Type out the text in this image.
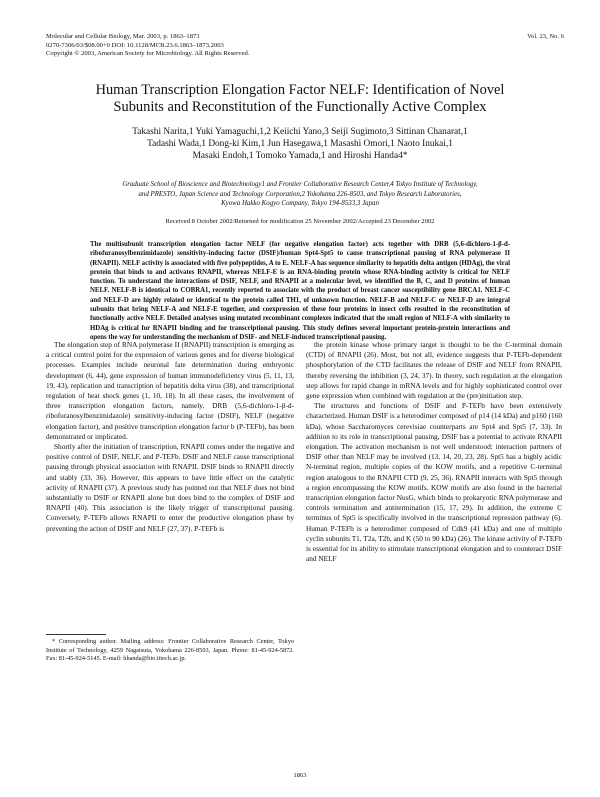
Molecular and Cellular Biology, Mar. 2003, p. 1863–1873
0270-7306/03/$08.00+0 DOI: 10.1128/MCB.23.6.1863–1873.2003
Copyright © 2003, American Society for Microbiology. All Rights Reserved.
Vol. 23, No. 6
Human Transcription Elongation Factor NELF: Identification of Novel
Subunits and Reconstitution of the Functionally Active Complex
Takashi Narita,1 Yuki Yamaguchi,1,2 Keiichi Yano,3 Seiji Sugimoto,3 Sittinan Chanarat,1
Tadashi Wada,1 Dong-ki Kim,1 Jun Hasegawa,1 Masashi Omori,1 Naoto Inukai,1
Masaki Endoh,1 Tomoko Yamada,1 and Hiroshi Handa4*
Graduate School of Bioscience and Biotechnology1 and Frontier Collaborative Research Center,4 Tokyo Institute of Technology,
and PRESTO, Japan Science and Technology Corporation,2 Yokohama 226-8503, and Tokyo Research Laboratories,
Kyowa Hakko Kogyo Company, Tokyo 194-8533,3 Japan
Received 8 October 2002/Returned for modification 25 November 2002/Accepted 23 December 2002
The multisubunit transcription elongation factor NELF (for negative elongation factor) acts together with DRB (5,6-dichloro-1-β-d-ribofuranosylbenzimidazole) sensitivity-inducing factor (DSIF)/human Spt4-Spt5 to cause transcriptional pausing of RNA polymerase II (RNAPII). NELF activity is associated with five polypeptides, A to E. NELF-A has sequence similarity to hepatitis delta antigen (HDAg), the viral protein that binds to and activates RNAPII, whereas NELF-E is an RNA-binding protein whose RNA-binding activity is critical for NELF function. To understand the interactions of DSIF, NELF, and RNAPII at a molecular level, we identified the B, C, and D proteins of human NELF. NELF-B is identical to COBRA1, recently reported to associate with the product of breast cancer susceptibility gene BRCA1. NELF-C and NELF-D are highly related or identical to the protein called TH1, of unknown function. NELF-B and NELF-C or NELF-D are integral subunits that bring NELF-A and NELF-E together, and coexpression of these four proteins in insect cells resulted in the reconstitution of functionally active NELF. Detailed analyses using mutated recombinant complexes indicated that the small region of NELF-A with similarity to HDAg is critical for RNAPII binding and for transcriptional pausing. This study defines several important protein-protein interactions and opens the way for understanding the mechanism of DSIF- and NELF-induced transcriptional pausing.

The elongation step of RNA polymerase II (RNAPII) transcription is emerging as a critical control point for the expression of various genes and for diverse biological processes. Examples include neuronal fate determination during embryonic development (6, 44), gene expression of human immunodeficiency virus (5, 11, 13, 19, 43), replication and transcription of hepatitis delta virus (38), and transcriptional regulation of heat shock genes (1, 10, 18). In all these cases, the involvement of three transcription elongation factors, namely, DRB (5,6-dichloro-1-β-d-ribofuranosylbenzimidazole) sensitivity-inducing factor (DSIF), NELF (negative elongation factor), and positive transcription elongation factor b (P-TEFb), has been demonstrated or implicated.

Shortly after the initiation of transcription, RNAPII comes under the negative and positive control of DSIF, NELF, and P-TEFb. DSIF and NELF cause transcriptional pausing through physical association with RNAPII. DSIF binds to RNAPII directly and stably (33, 36). However, this appears to have little effect on the catalytic activity of RNAPII (37). A previous study has pointed out that NELF does not bind substantially to DSIF or RNAPII alone but does bind to the complex of DSIF and RNAPII (40). This association is the likely trigger of transcriptional pausing. Conversely, P-TEFb allows RNAPII to enter the productive elongation phase by preventing the action of DSIF and NELF (27, 37). P-TEFb is

the protein kinase whose primary target is thought to be the C-terminal domain (CTD) of RNAPII (26). Most, but not all, evidence suggests that P-TEFb-dependent phosphorylation of the CTD facilitates the release of DSIF and NELF from RNAPII, thereby reversing the inhibition (3, 24, 37). In theory, such regulation at the elongation step allows for rapid change in mRNA levels and for highly sophisticated control over gene expression when combined with regulation at the (pre)initiation step.

The structures and functions of DSIF and P-TEFb have been extensively characterized. Human DSIF is a heterodimer composed of p14 (14 kDa) and p160 (160 kDa), whose Saccharomyces cerevisiae counterparts are Spt4 and Spt5 (7, 33). In addition to its role in transcriptional pausing, DSIF has a potential to activate RNAPII elongation. The activation mechanism is not well understood: interaction partners of DSIF other than NELF may be involved (13, 14, 20, 23, 28). Spt5 has a highly acidic N-terminal region, multiple copies of the KOW motifs, and a repetitive C-terminal region analogous to the RNAPII CTD (9, 25, 36). RNAPII interacts with Spt5 through a region encompassing the KOW motifs. KOW motifs are also found in the bacterial transcription elongation factor NusG, which binds to prokaryotic RNA polymerase and controls termination and antitermination (15, 17, 29). In addition, the extreme C terminus of Spt5 is specifically involved in the transcriptional repression pathway (6). Human P-TEFb is a heterodimer composed of Cdk9 (41 kDa) and one of multiple cyclin subunits T1, T2a, T2b, and K (50 to 90 kDa) (26). The kinase activity of P-TEFb is essential for its ability to stimulate transcriptional elongation and to counteract DSIF and NELF

* Corresponding author. Mailing address: Frontier Collaborative Research Center, Tokyo Institute of Technology, 4259 Nagatsuta, Yokohama 226-8503, Japan. Phone: 81-45-924-5872. Fax: 81-45-924-5145. E-mail: hhanda@bio.titech.ac.jp.
1863
